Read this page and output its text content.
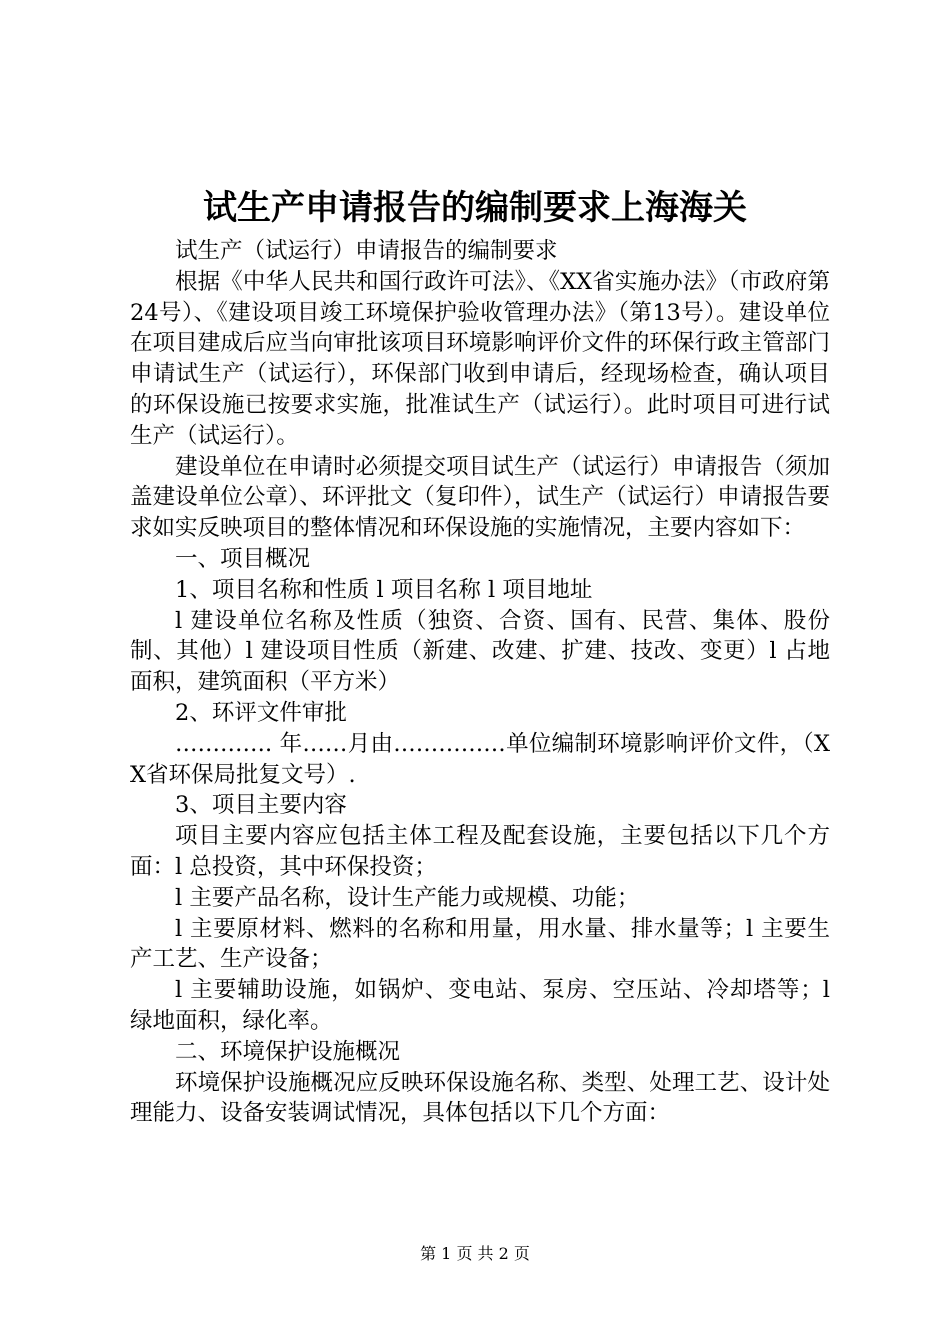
试生产申请报告的编制要求上海海关

试生产（试运行）申请报告的编制要求

根据《中华人民共和国行政许可法》、《XX省实施办法》（市政府第24号）、《建设项目竣工环境保护验收管理办法》（第13号）。建设单位在项目建成后应当向审批该项目环境影响评价文件的环保行政主管部门申请试生产（试运行），环保部门收到申请后，经现场检查，确认项目的环保设施已按要求实施，批准试生产（试运行）。此时项目可进行试生产（试运行）。

建设单位在申请时必须提交项目试生产（试运行）申请报告（须加盖建设单位公章）、环评批文（复印件），试生产（试运行）申请报告要求如实反映项目的整体情况和环保设施的实施情况，主要内容如下：

一、项目概况

1、项目名称和性质 l 项目名称 l 项目地址

l 建设单位名称及性质（独资、合资、国有、民营、集体、股份制、其他）l 建设项目性质（新建、改建、扩建、技改、变更）l 占地面积，建筑面积（平方米）

2、环评文件审批

…………. 年……月由……………单位编制环境影响评价文件，（XX省环保局批复文号）.

3、项目主要内容

项目主要内容应包括主体工程及配套设施，主要包括以下几个方面：l 总投资，其中环保投资；

l 主要产品名称，设计生产能力或规模、功能；

l 主要原材料、燃料的名称和用量，用水量、排水量等；l 主要生产工艺、生产设备；

l 主要辅助设施，如锅炉、变电站、泵房、空压站、冷却塔等；l 绿地面积，绿化率。

二、环境保护设施概况

环境保护设施概况应反映环保设施名称、类型、处理工艺、设计处理能力、设备安装调试情况，具体包括以下几个方面：

第 1 页 共 2 页
